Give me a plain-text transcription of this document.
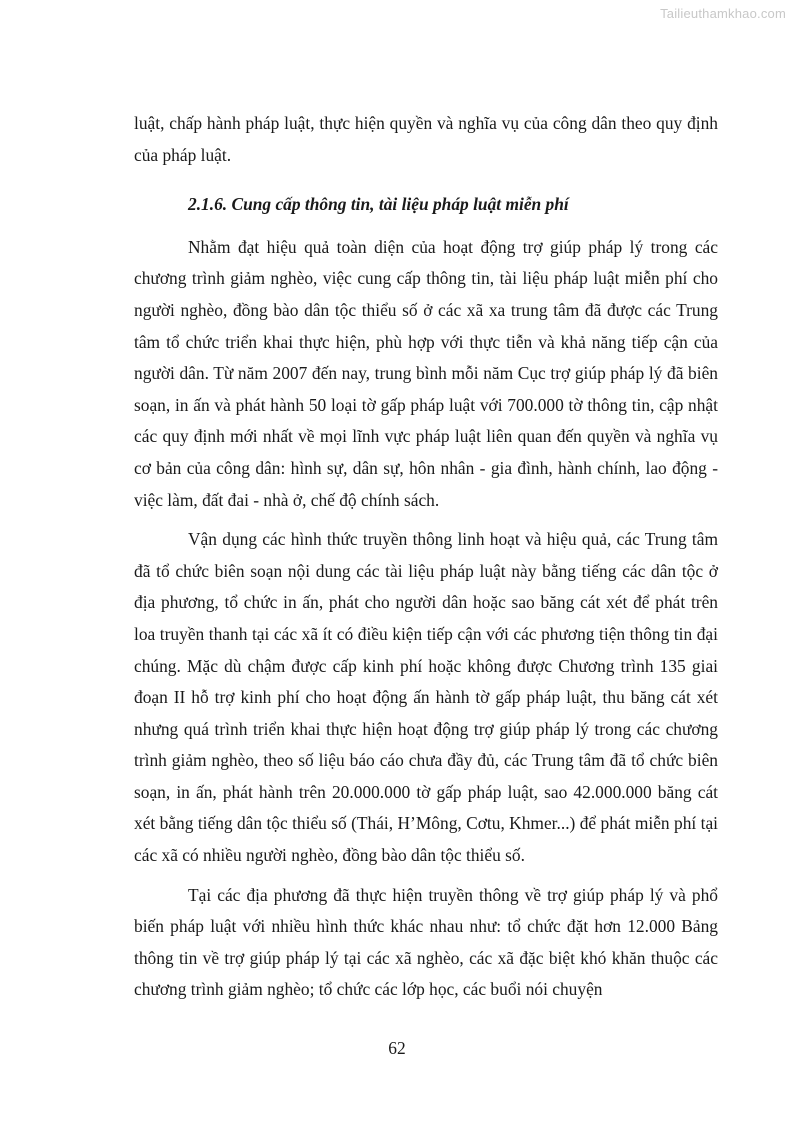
Tailieuthamkhao.com

luật, chấp hành pháp luật, thực hiện quyền và nghĩa vụ của công dân theo quy định của pháp luật.

2.1.6. Cung cấp thông tin, tài liệu pháp luật miễn phí

Nhằm đạt hiệu quả toàn diện của hoạt động trợ giúp pháp lý trong các chương trình giảm nghèo, việc cung cấp thông tin, tài liệu pháp luật miễn phí cho người nghèo, đồng bào dân tộc thiểu số ở các xã xa trung tâm đã được các Trung tâm tổ chức triển khai thực hiện, phù hợp với thực tiễn và khả năng tiếp cận của người dân. Từ năm 2007 đến nay, trung bình mỗi năm Cục trợ giúp pháp lý đã biên soạn, in ấn và phát hành 50 loại tờ gấp pháp luật với 700.000 tờ thông tin, cập nhật các quy định mới nhất về mọi lĩnh vực pháp luật liên quan đến quyền và nghĩa vụ cơ bản của công dân: hình sự, dân sự, hôn nhân - gia đình, hành chính, lao động - việc làm, đất đai - nhà ở, chế độ chính sách.

Vận dụng các hình thức truyền thông linh hoạt và hiệu quả, các Trung tâm đã tổ chức biên soạn nội dung các tài liệu pháp luật này bằng tiếng các dân tộc ở địa phương, tổ chức in ấn, phát cho người dân hoặc sao băng cát xét để phát trên loa truyền thanh tại các xã ít có điều kiện tiếp cận với các phương tiện thông tin đại chúng. Mặc dù chậm được cấp kinh phí hoặc không được Chương trình 135 giai đoạn II hỗ trợ kinh phí cho hoạt động ấn hành tờ gấp pháp luật, thu băng cát xét nhưng quá trình triển khai thực hiện hoạt động trợ giúp pháp lý trong các chương trình giảm nghèo, theo số liệu báo cáo chưa đầy đủ, các Trung tâm đã tổ chức biên soạn, in ấn, phát hành trên 20.000.000 tờ gấp pháp luật, sao 42.000.000 băng cát xét bằng tiếng dân tộc thiểu số (Thái, H’Mông, Cơtu, Khmer...) để phát miễn phí tại các xã có nhiều người nghèo, đồng bào dân tộc thiểu số.

Tại các địa phương đã thực hiện truyền thông về trợ giúp pháp lý và phổ biến pháp luật với nhiều hình thức khác nhau như: tổ chức đặt hơn 12.000 Bảng thông tin về trợ giúp pháp lý tại các xã nghèo, các xã đặc biệt khó khăn thuộc các chương trình giảm nghèo; tổ chức các lớp học, các buổi nói chuyện

62
